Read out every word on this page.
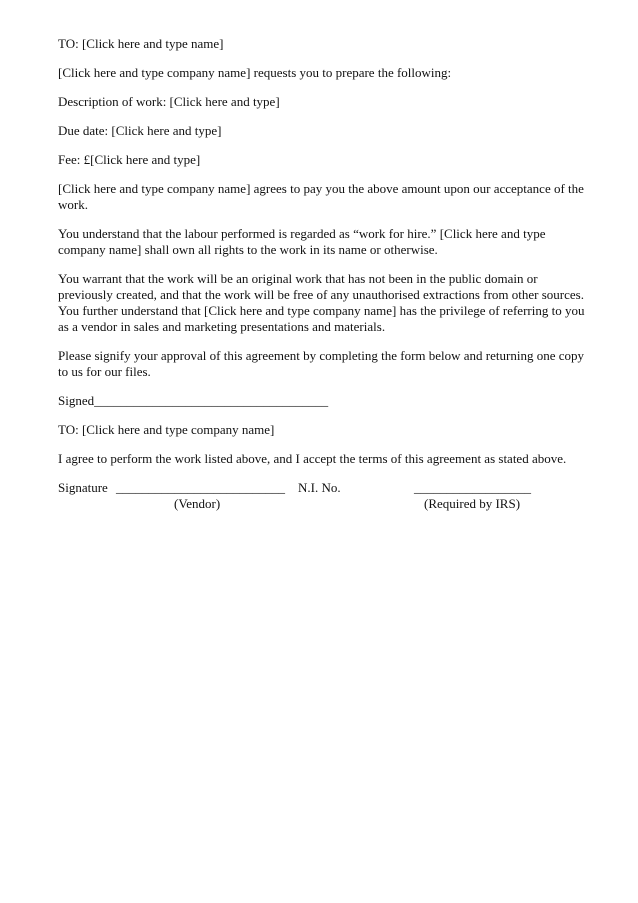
TO: [Click here and type name]

[Click here and type company name] requests you to prepare the following:

Description of work: [Click here and type]

Due date: [Click here and type]

Fee: £[Click here and type]

[Click here and type company name] agrees to pay you the above amount upon our acceptance of the work.

You understand that the labour performed is regarded as “work for hire.” [Click here and type company name] shall own all rights to the work in its name or otherwise.

You warrant that the work will be an original work that has not been in the public domain or previously created, and that the work will be free of any unauthorised extractions from other sources. You further understand that [Click here and type company name] has the privilege of referring to you as a vendor in sales and marketing presentations and materials.

Please signify your approval of this agreement by completing the form below and returning one copy to us for our files.

Signed____________________________________

TO: [Click here and type company name]

I agree to perform the work listed above, and I accept the terms of this agreement as stated above.

Signature __________________________ N.I. No.	__________________
(Vendor)	(Required by IRS)
